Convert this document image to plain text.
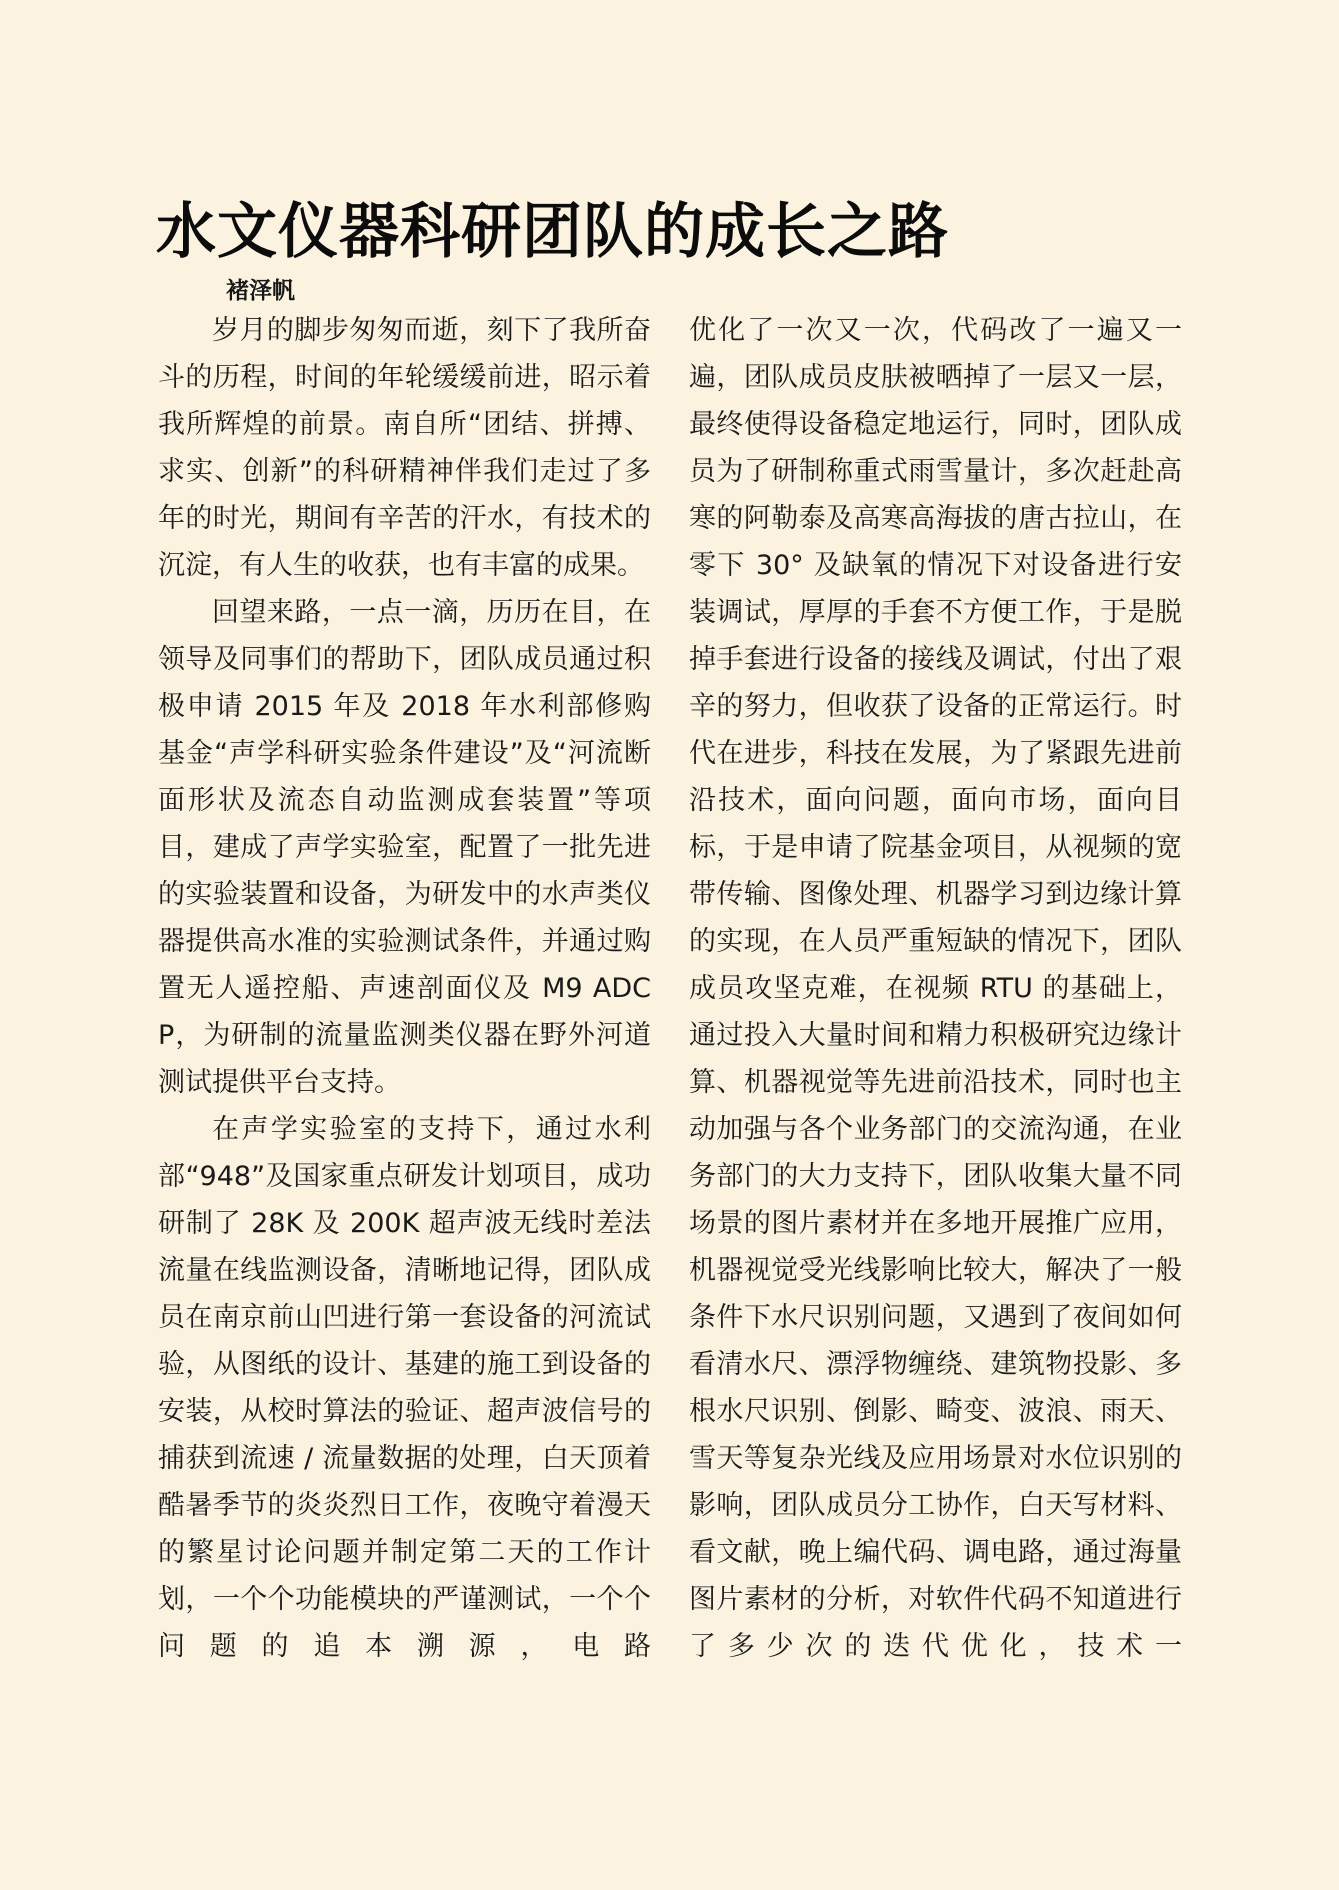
水文仪器科研团队的成长之路
褚泽帆

岁月的脚步匆匆而逝，刻下了我所奋斗的历程，时间的年轮缓缓前进，昭示着我所辉煌的前景。南自所“团结、拼搏、求实、创新”的科研精神伴我们走过了多年的时光，期间有辛苦的汗水，有技术的沉淀，有人生的收获，也有丰富的成果。

回望来路，一点一滴，历历在目，在领导及同事们的帮助下，团队成员通过积极申请 2015 年及 2018 年水利部修购基金“声学科研实验条件建设”及“河流断面形状及流态自动监测成套装置”等项目，建成了声学实验室，配置了一批先进的实验装置和设备，为研发中的水声类仪器提供高水准的实验测试条件，并通过购置无人遥控船、声速剖面仪及 M9 ADCP，为研制的流量监测类仪器在野外河道测试提供平台支持。

在声学实验室的支持下，通过水利部“948”及国家重点研发计划项目，成功研制了 28K 及 200K 超声波无线时差法流量在线监测设备，清晰地记得，团队成员在南京前山凹进行第一套设备的河流试验，从图纸的设计、基建的施工到设备的安装，从校时算法的验证、超声波信号的捕获到流速 / 流量数据的处理，白天顶着酷暑季节的炎炎烈日工作，夜晚守着漫天的繁星讨论问题并制定第二天的工作计划，一个个功能模块的严谨测试，一个个问题的追本溯源，电路

优化了一次又一次，代码改了一遍又一遍，团队成员皮肤被晒掉了一层又一层，最终使得设备稳定地运行，同时，团队成员为了研制称重式雨雪量计，多次赶赴高寒的阿勒泰及高寒高海拔的唐古拉山，在零下 30° 及缺氧的情况下对设备进行安装调试，厚厚的手套不方便工作，于是脱掉手套进行设备的接线及调试，付出了艰辛的努力，但收获了设备的正常运行。时代在进步，科技在发展，为了紧跟先进前沿技术，面向问题，面向市场，面向目标，于是申请了院基金项目，从视频的宽带传输、图像处理、机器学习到边缘计算的实现，在人员严重短缺的情况下，团队成员攻坚克难，在视频 RTU 的基础上，通过投入大量时间和精力积极研究边缘计算、机器视觉等先进前沿技术，同时也主动加强与各个业务部门的交流沟通，在业务部门的大力支持下，团队收集大量不同场景的图片素材并在多地开展推广应用，机器视觉受光线影响比较大，解决了一般条件下水尺识别问题，又遇到了夜间如何看清水尺、漂浮物缠绕、建筑物投影、多根水尺识别、倒影、畸变、波浪、雨天、雪天等复杂光线及应用场景对水位识别的影响，团队成员分工协作，白天写材料、看文献，晚上编代码、调电路，通过海量图片素材的分析，对软件代码不知道进行了多少次的迭代优化，技术一
